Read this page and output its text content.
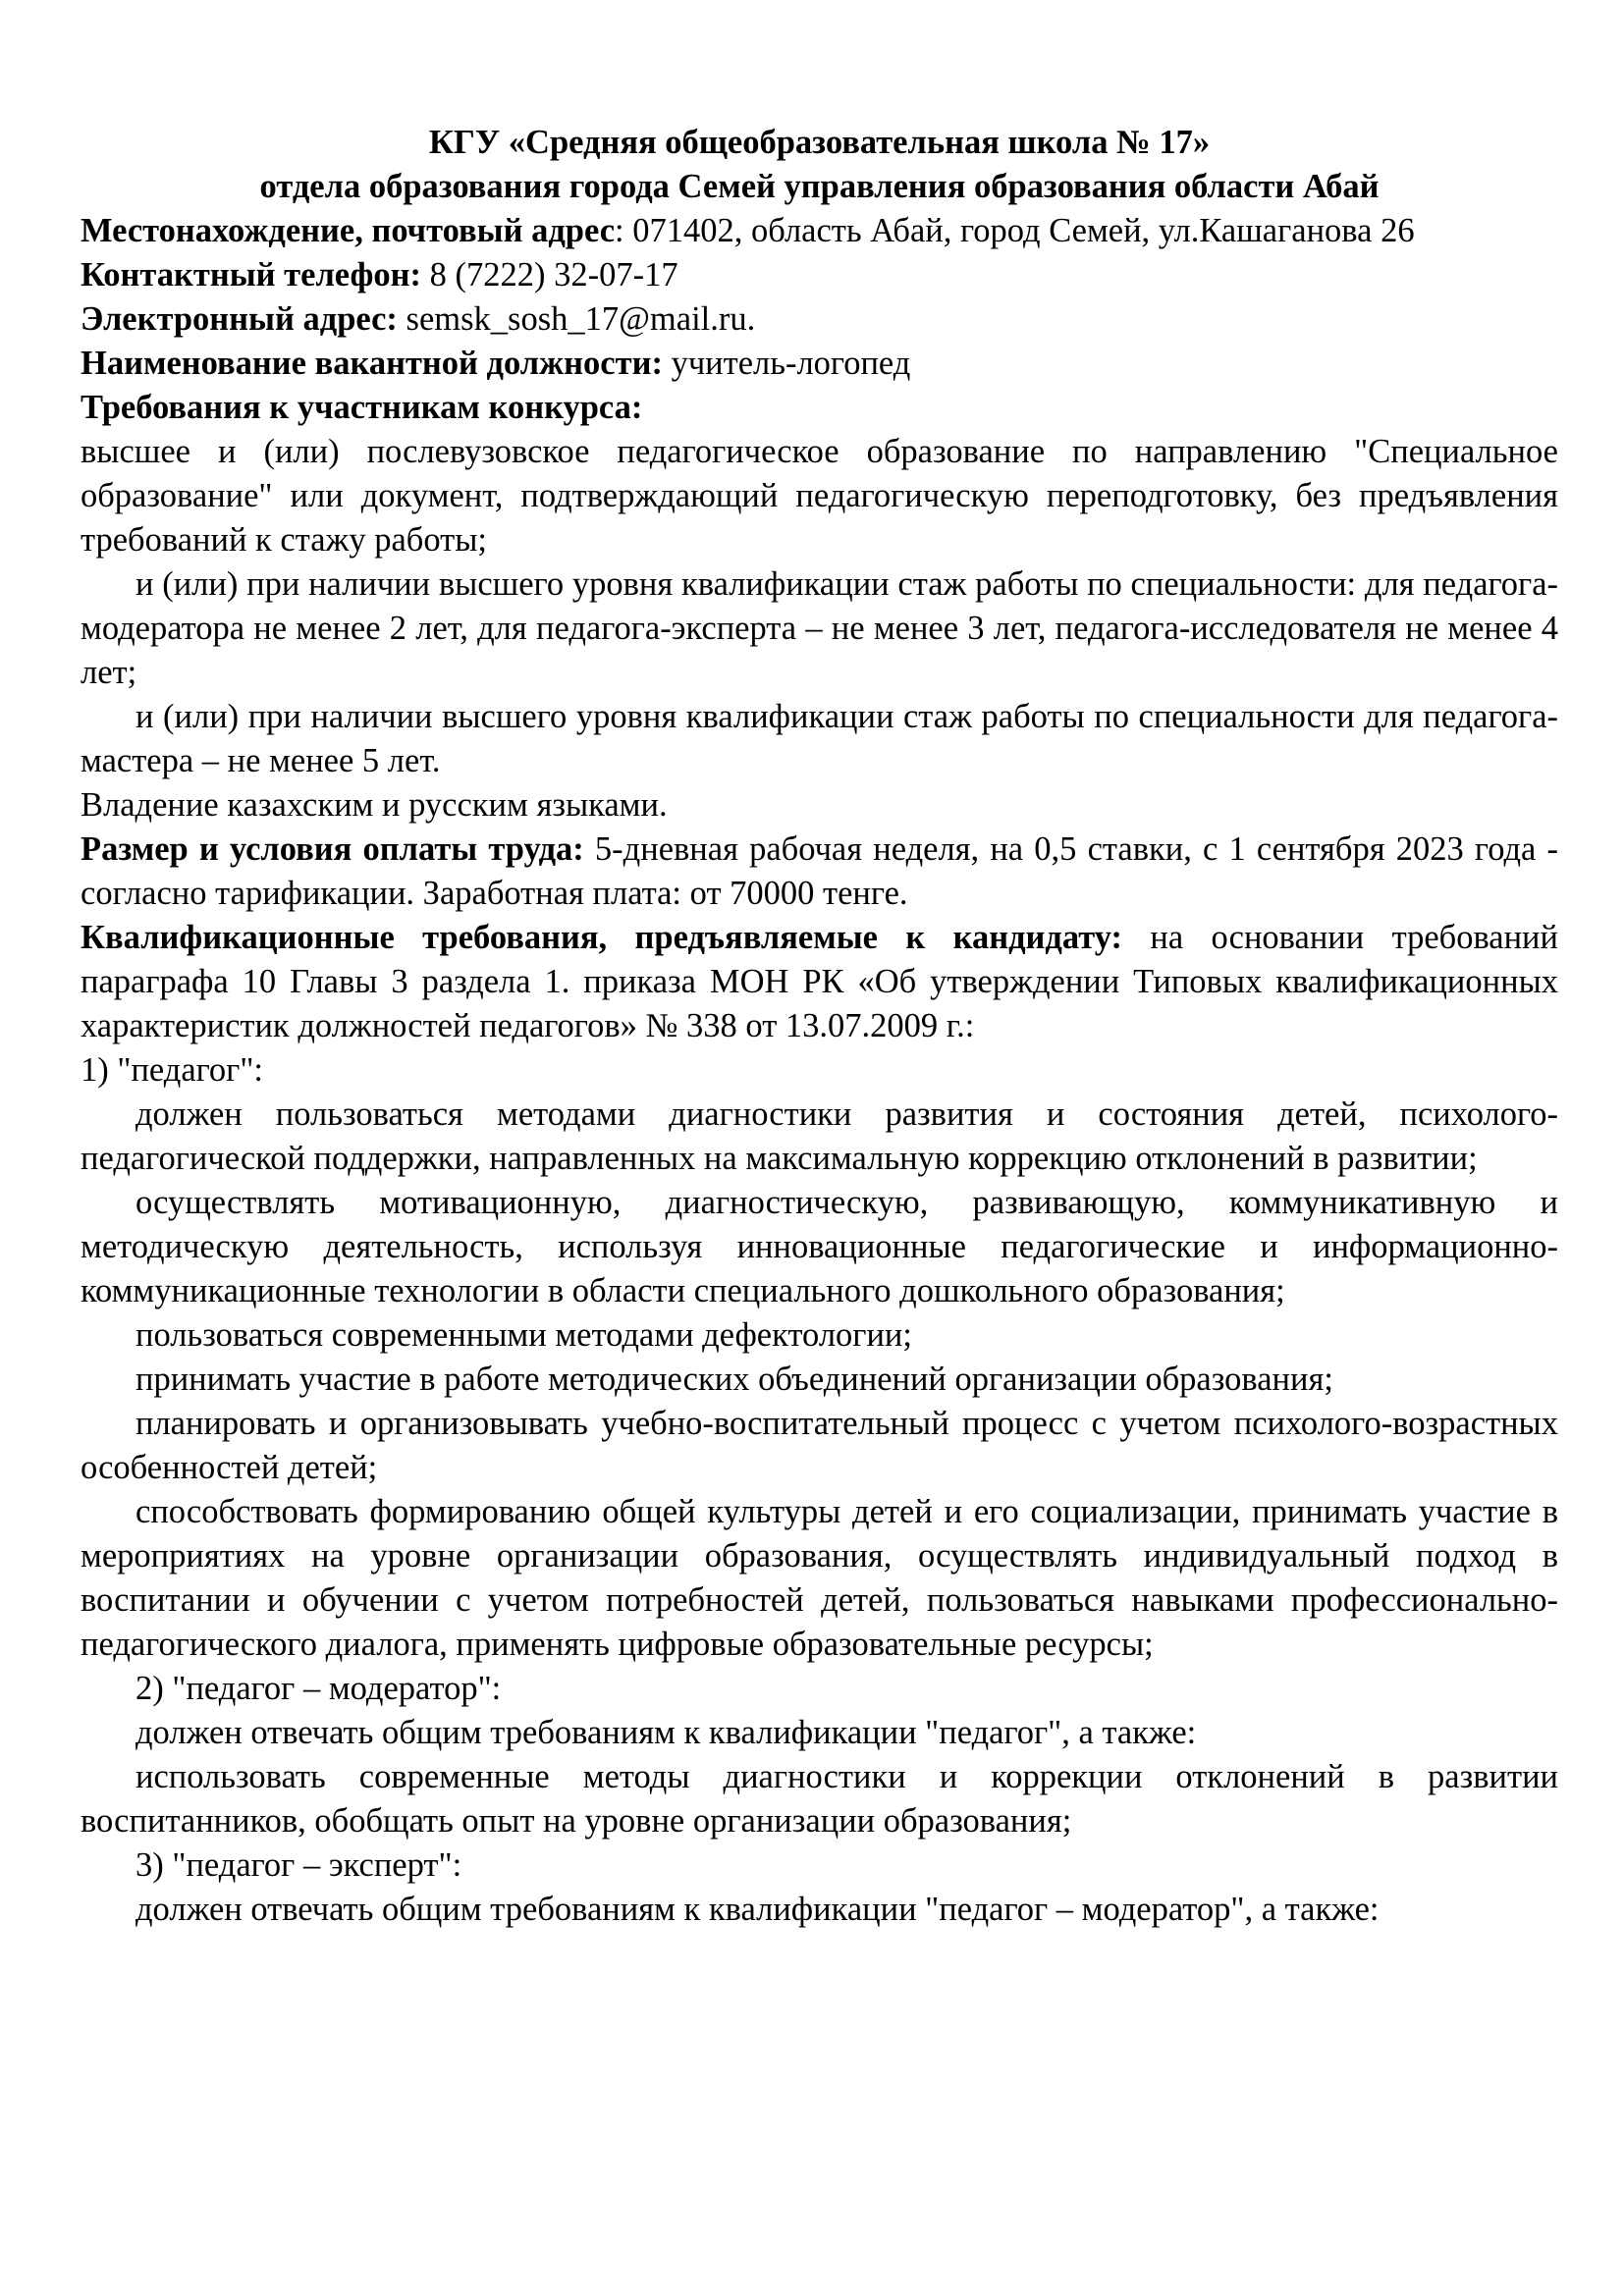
КГУ «Средняя общеобразовательная школа № 17»

отдела образования города Семей управления образования области Абай

Местонахождение, почтовый адрес: 071402, область Абай, город Семей, ул.Кашаганова 26

Контактный телефон: 8 (7222) 32-07-17

Электронный адрес: semsk_sosh_17@mail.ru.

Наименование вакантной должности: учитель-логопед

Требования к участникам конкурса:

высшее и (или) послевузовское педагогическое образование по направлению "Специальное образование" или документ, подтверждающий педагогическую переподготовку, без предъявления требований к стажу работы;

и (или) при наличии высшего уровня квалификации стаж работы по специальности: для педагога-модератора не менее 2 лет, для педагога-эксперта – не менее 3 лет, педагога-исследователя не менее 4 лет;

и (или) при наличии высшего уровня квалификации стаж работы по специальности для педагога-мастера – не менее 5 лет.

Владение казахским и русским языками.

Размер и условия оплаты труда: 5-дневная рабочая неделя, на 0,5 ставки, с 1 сентября 2023 года - согласно тарификации. Заработная плата: от 70000 тенге.

Квалификационные требования, предъявляемые к кандидату: на основании требований параграфа 10 Главы 3 раздела 1. приказа МОН РК «Об утверждении Типовых квалификационных характеристик должностей педагогов» № 338 от 13.07.2009 г.:

1) "педагог":

должен пользоваться методами диагностики развития и состояния детей, психолого-педагогической поддержки, направленных на максимальную коррекцию отклонений в развитии;

осуществлять мотивационную, диагностическую, развивающую, коммуникативную и методическую деятельность, используя инновационные педагогические и информационно-коммуникационные технологии в области специального дошкольного образования;

пользоваться современными методами дефектологии;

принимать участие в работе методических объединений организации образования;

планировать и организовывать учебно-воспитательный процесс с учетом психолого-возрастных особенностей детей;

способствовать формированию общей культуры детей и его социализации, принимать участие в мероприятиях на уровне организации образования, осуществлять индивидуальный подход в воспитании и обучении с учетом потребностей детей, пользоваться навыками профессионально-педагогического диалога, применять цифровые образовательные ресурсы;

2) "педагог – модератор":

должен отвечать общим требованиям к квалификации "педагог", а также:

использовать современные методы диагностики и коррекции отклонений в развитии воспитанников, обобщать опыт на уровне организации образования;

3) "педагог – эксперт":

должен отвечать общим требованиям к квалификации "педагог – модератор", а также:
